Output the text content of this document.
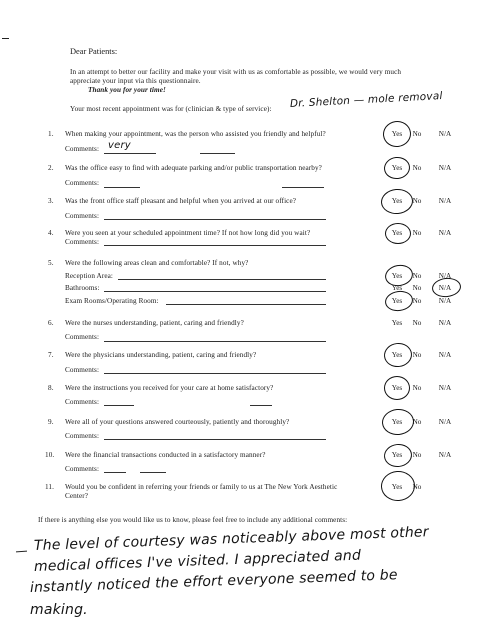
Dear Patients:
In an attempt to better our facility and make your visit with us as comfortable as possible, we would very much
appreciate your input via this questionnaire.
Thank you for your time!
Your most recent appointment was for (clinician & type of service): Dr. Shelton — mole removal
1. When making your appointment, was the person who assisted you friendly and helpful?
Comments: very
Yes	No	N/A
2. Was the office easy to find with adequate parking and/or public transportation nearby?
Comments:
Yes	No	N/A
3. Was the front office staff pleasant and helpful when you arrived at our office?
Comments:
Yes	No	N/A
4. Were you seen at your scheduled appointment time? If not how long did you wait?
Comments:
Yes	No	N/A
5. Were the following areas clean and comfortable? If not, why?
Reception Area:	Yes	No	N/A
Bathrooms:	Yes	No	N/A
Exam Rooms/Operating Room:	Yes	No	N/A
6. Were the nurses understanding, patient, caring and friendly?
Comments:
Yes	No	N/A
7. Were the physicians understanding, patient, caring and friendly?
Comments:
Yes	No	N/A
8. Were the instructions you received for your care at home satisfactory?
Comments:
Yes	No	N/A
9. Were all of your questions answered courteously, patiently and thoroughly?
Comments:
Yes	No	N/A
10. Were the financial transactions conducted in a satisfactory manner?
Comments:
Yes	No	N/A
11. Would you be confident in referring your friends or family to us at The New York Aesthetic
Center?
Yes	No
If there is anything else you would like us to know, please feel free to include any additional comments:
The level of courtesy was noticeably above most other
medical offices I've visited. I appreciated and
instantly noticed the effort everyone seemed to be
making.
